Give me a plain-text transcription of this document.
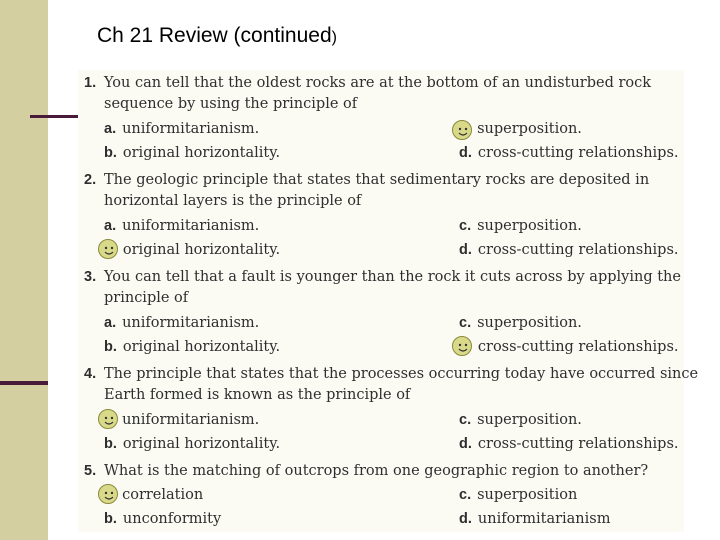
Ch 21 Review (continued)
1. You can tell that the oldest rocks are at the bottom of an undisturbed rock
sequence by using the principle of
a. uniformitarianism.	superposition.
b. original horizontality.	d. cross-cutting relationships.
2. The geologic principle that states that sedimentary rocks are deposited in
horizontal layers is the principle of
a. uniformitarianism.	c. superposition.
original horizontality.	d. cross-cutting relationships.
3. You can tell that a fault is younger than the rock it cuts across by applying the
principle of
a. uniformitarianism.	c. superposition.
b. original horizontality.	cross-cutting relationships.
4. The principle that states that the processes occurring today have occurred since
Earth formed is known as the principle of
uniformitarianism.	c. superposition.
b. original horizontality.	d. cross-cutting relationships.
5. What is the matching of outcrops from one geographic region to another?
correlation	c. superposition
b. unconformity	d. uniformitarianism
